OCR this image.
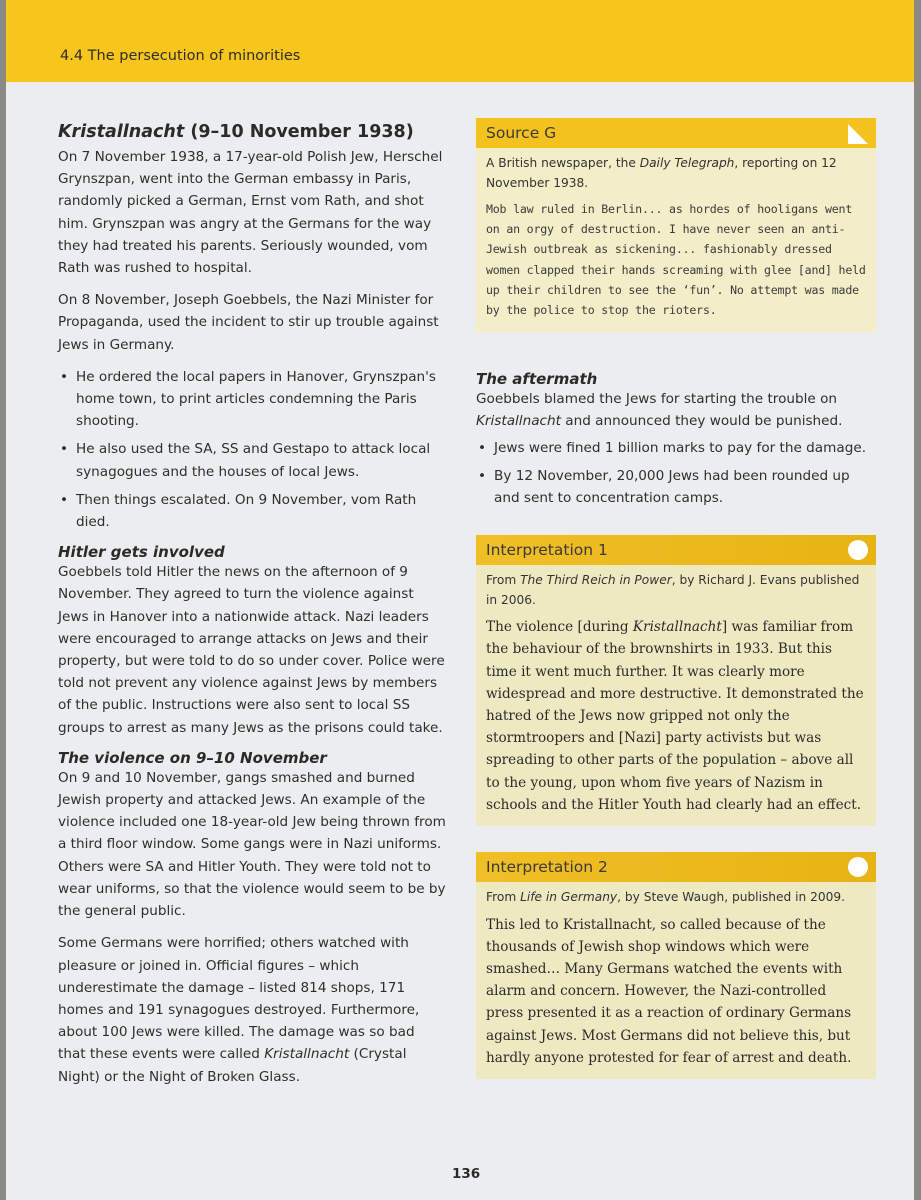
4.4 The persecution of minorities
Kristallnacht (9–10 November 1938)

On 7 November 1938, a 17-year-old Polish Jew, Herschel Grynszpan, went into the German embassy in Paris, randomly picked a German, Ernst vom Rath, and shot him. Grynszpan was angry at the Germans for the way they had treated his parents. Seriously wounded, vom Rath was rushed to hospital.

On 8 November, Joseph Goebbels, the Nazi Minister for Propaganda, used the incident to stir up trouble against Jews in Germany.

• He ordered the local papers in Hanover, Grynszpan's home town, to print articles condemning the Paris shooting.
• He also used the SA, SS and Gestapo to attack local synagogues and the houses of local Jews.
• Then things escalated. On 9 November, vom Rath died.
Hitler gets involved

Goebbels told Hitler the news on the afternoon of 9 November. They agreed to turn the violence against Jews in Hanover into a nationwide attack. Nazi leaders were encouraged to arrange attacks on Jews and their property, but were told to do so under cover. Police were told not prevent any violence against Jews by members of the public. Instructions were also sent to local SS groups to arrest as many Jews as the prisons could take.

The violence on 9–10 November

On 9 and 10 November, gangs smashed and burned Jewish property and attacked Jews. An example of the violence included one 18-year-old Jew being thrown from a third floor window. Some gangs were in Nazi uniforms. Others were SA and Hitler Youth. They were told not to wear uniforms, so that the violence would seem to be by the general public.

Some Germans were horrified; others watched with pleasure or joined in. Official figures – which underestimate the damage – listed 814 shops, 171 homes and 191 synagogues destroyed. Furthermore, about 100 Jews were killed. The damage was so bad that these events were called Kristallnacht (Crystal Night) or the Night of Broken Glass.

Source G
A British newspaper, the Daily Telegraph, reporting on 12 November 1938.
Mob law ruled in Berlin... as hordes of hooligans went on an orgy of destruction. I have never seen an anti-Jewish outbreak as sickening... fashionably dressed women clapped their hands screaming with glee [and] held up their children to see the ‘fun’. No attempt was made by the police to stop the rioters.
The aftermath

Goebbels blamed the Jews for starting the trouble on Kristallnacht and announced they would be punished.

• Jews were fined 1 billion marks to pay for the damage.
• By 12 November, 20,000 Jews had been rounded up and sent to concentration camps.
Interpretation 1
From The Third Reich in Power, by Richard J. Evans published in 2006.
The violence [during Kristallnacht] was familiar from the behaviour of the brownshirts in 1933. But this time it went much further. It was clearly more widespread and more destructive. It demonstrated the hatred of the Jews now gripped not only the stormtroopers and [Nazi] party activists but was spreading to other parts of the population – above all to the young, upon whom five years of Nazism in schools and the Hitler Youth had clearly had an effect.
Interpretation 2
From Life in Germany, by Steve Waugh, published in 2009.
This led to Kristallnacht, so called because of the thousands of Jewish shop windows which were smashed… Many Germans watched the events with alarm and concern. However, the Nazi-controlled press presented it as a reaction of ordinary Germans against Jews. Most Germans did not believe this, but hardly anyone protested for fear of arrest and death.
136
